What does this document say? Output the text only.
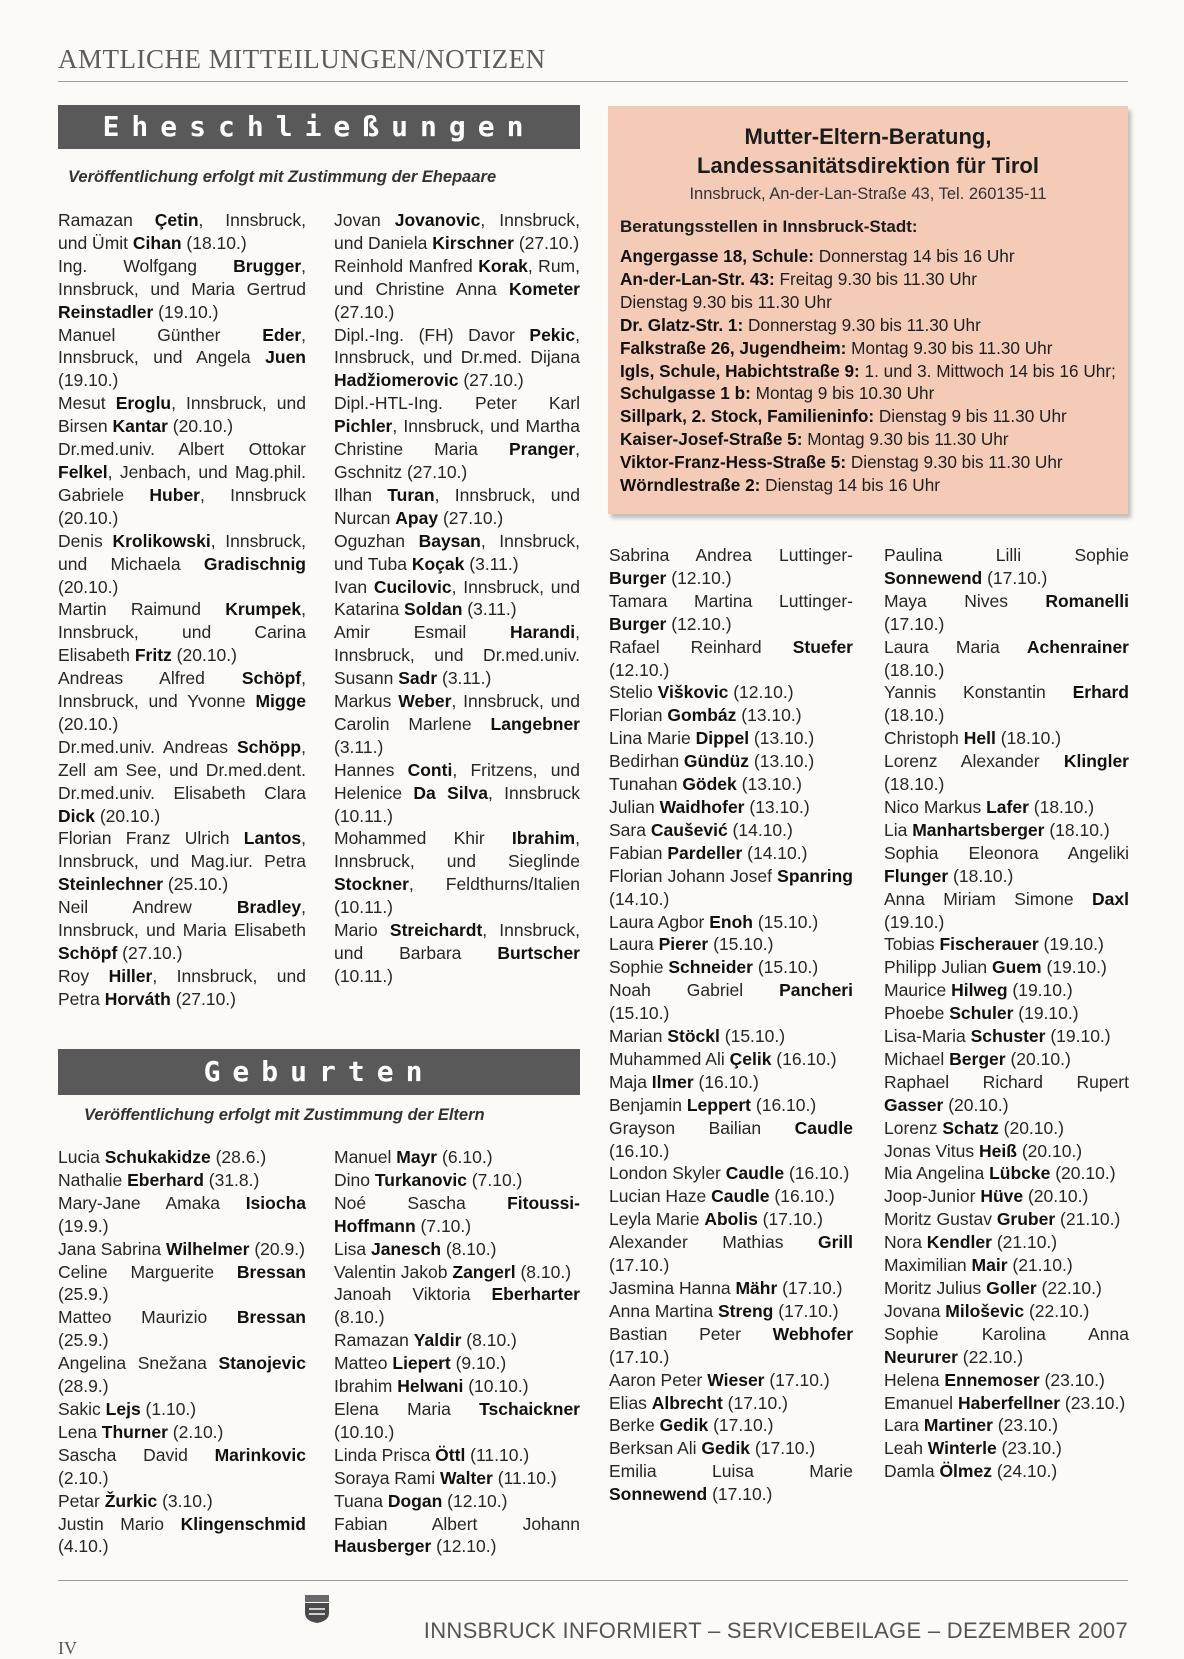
AMTLICHE MITTEILUNGEN/NOTIZEN
Eheschließungen
Veröffentlichung erfolgt mit Zustimmung der Ehepaare
Ramazan Çetin, Innsbruck, und Ümit Cihan (18.10.)
Ing. Wolfgang Brugger, Innsbruck, und Maria Gertrud Reinstadler (19.10.)
Manuel Günther Eder, Innsbruck, und Angela Juen (19.10.)
Mesut Eroglu, Innsbruck, und Birsen Kantar (20.10.)
Dr.med.univ. Albert Ottokar Felkel, Jenbach, und Mag.phil. Gabriele Huber, Innsbruck (20.10.)
Denis Krolikowski, Innsbruck, und Michaela Gradischnig (20.10.)
Martin Raimund Krumpek, Innsbruck, und Carina Elisabeth Fritz (20.10.)
Andreas Alfred Schöpf, Innsbruck, und Yvonne Migge (20.10.)
Dr.med.univ. Andreas Schöpp, Zell am See, und Dr.med.dent. Dr.med.univ. Elisabeth Clara Dick (20.10.)
Florian Franz Ulrich Lantos, Innsbruck, und Mag.iur. Petra Steinlechner (25.10.)
Neil Andrew Bradley, Innsbruck, und Maria Elisabeth Schöpf (27.10.)
Roy Hiller, Innsbruck, und Petra Horváth (27.10.)
Jovan Jovanovic, Innsbruck, und Daniela Kirschner (27.10.)
Reinhold Manfred Korak, Rum, und Christine Anna Kometer (27.10.)
Dipl.-Ing. (FH) Davor Pekic, Innsbruck, und Dr.med. Dijana Hadžiomerovic (27.10.)
Dipl.-HTL-Ing. Peter Karl Pichler, Innsbruck, und Martha Christine Maria Pranger, Gschnitz (27.10.)
Ilhan Turan, Innsbruck, und Nurcan Apay (27.10.)
Oguzhan Baysan, Innsbruck, und Tuba Koçak (3.11.)
Ivan Cucilovic, Innsbruck, und Katarina Soldan (3.11.)
Amir Esmail Harandi, Innsbruck, und Dr.med.univ. Susann Sadr (3.11.)
Markus Weber, Innsbruck, und Carolin Marlene Langebner (3.11.)
Hannes Conti, Fritzens, und Helenice Da Silva, Innsbruck (10.11.)
Mohammed Khir Ibrahim, Innsbruck, und Sieglinde Stockner, Feldthurns/Italien (10.11.)
Mario Streichardt, Innsbruck, und Barbara Burtscher (10.11.)
Mutter-Eltern-Beratung,
Landessanitätsdirektion für Tirol
Innsbruck, An-der-Lan-Straße 43, Tel. 260135-11
Beratungsstellen in Innsbruck-Stadt:
Angergasse 18, Schule: Donnerstag 14 bis 16 Uhr
An-der-Lan-Str. 43: Freitag 9.30 bis 11.30 Uhr
Dienstag 9.30 bis 11.30 Uhr
Dr. Glatz-Str. 1: Donnerstag 9.30 bis 11.30 Uhr
Falkstraße 26, Jugendheim: Montag 9.30 bis 11.30 Uhr
Igls, Schule, Habichtstraße 9: 1. und 3. Mittwoch 14 bis 16 Uhr; Schulgasse 1 b: Montag 9 bis 10.30 Uhr
Sillpark, 2. Stock, Familieninfo: Dienstag 9 bis 11.30 Uhr
Kaiser-Josef-Straße 5: Montag 9.30 bis 11.30 Uhr
Viktor-Franz-Hess-Straße 5: Dienstag 9.30 bis 11.30 Uhr
Wörndlestraße 2: Dienstag 14 bis 16 Uhr
Geburten
Veröffentlichung erfolgt mit Zustimmung der Eltern
Lucia Schukakidze (28.6.)
Nathalie Eberhard (31.8.)
Mary-Jane Amaka Isiocha (19.9.)
Jana Sabrina Wilhelmer (20.9.)
Celine Marguerite Bressan (25.9.)
Matteo Maurizio Bressan (25.9.)
Angelina Snežana Stanojevic (28.9.)
Sakic Lejs (1.10.)
Lena Thurner (2.10.)
Sascha David Marinkovic (2.10.)
Petar Žurkic (3.10.)
Justin Mario Klingenschmid (4.10.)
Manuel Mayr (6.10.)
Dino Turkanovic (7.10.)
Noé Sascha Fitoussi-Hoffmann (7.10.)
Lisa Janesch (8.10.)
Valentin Jakob Zangerl (8.10.)
Janoah Viktoria Eberharter (8.10.)
Ramazan Yaldir (8.10.)
Matteo Liepert (9.10.)
Ibrahim Helwani (10.10.)
Elena Maria Tschaickner (10.10.)
Linda Prisca Öttl (11.10.)
Soraya Rami Walter (11.10.)
Tuana Dogan (12.10.)
Fabian Albert Johann Hausberger (12.10.)
Sabrina Andrea Luttinger-Burger (12.10.)
Tamara Martina Luttinger-Burger (12.10.)
Rafael Reinhard Stuefer (12.10.)
Stelio Viškovic (12.10.)
Florian Gombáz (13.10.)
Lina Marie Dippel (13.10.)
Bedirhan Gündüz (13.10.)
Tunahan Gödek (13.10.)
Julian Waidhofer (13.10.)
Sara Caušević (14.10.)
Fabian Pardeller (14.10.)
Florian Johann Josef Spanring (14.10.)
Laura Agbor Enoh (15.10.)
Laura Pierer (15.10.)
Sophie Schneider (15.10.)
Noah Gabriel Pancheri (15.10.)
Marian Stöckl (15.10.)
Muhammed Ali Çelik (16.10.)
Maja Ilmer (16.10.)
Benjamin Leppert (16.10.)
Grayson Bailian Caudle (16.10.)
London Skyler Caudle (16.10.)
Lucian Haze Caudle (16.10.)
Leyla Marie Abolis (17.10.)
Alexander Mathias Grill (17.10.)
Jasmina Hanna Mähr (17.10.)
Anna Martina Streng (17.10.)
Bastian Peter Webhofer (17.10.)
Aaron Peter Wieser (17.10.)
Elias Albrecht (17.10.)
Berke Gedik (17.10.)
Berksan Ali Gedik (17.10.)
Emilia Luisa Marie Sonnewend (17.10.)
Paulina Lilli Sophie Sonnewend (17.10.)
Maya Nives Romanelli (17.10.)
Laura Maria Achenrainer (18.10.)
Yannis Konstantin Erhard (18.10.)
Christoph Hell (18.10.)
Lorenz Alexander Klingler (18.10.)
Nico Markus Lafer (18.10.)
Lia Manhartsberger (18.10.)
Sophia Eleonora Angeliki Flunger (18.10.)
Anna Miriam Simone Daxl (19.10.)
Tobias Fischerauer (19.10.)
Philipp Julian Guem (19.10.)
Maurice Hilweg (19.10.)
Phoebe Schuler (19.10.)
Lisa-Maria Schuster (19.10.)
Michael Berger (20.10.)
Raphael Richard Rupert Gasser (20.10.)
Lorenz Schatz (20.10.)
Jonas Vitus Heiß (20.10.)
Mia Angelina Lübcke (20.10.)
Joop-Junior Hüve (20.10.)
Moritz Gustav Gruber (21.10.)
Nora Kendler (21.10.)
Maximilian Mair (21.10.)
Moritz Julius Goller (22.10.)
Jovana Miloševic (22.10.)
Sophie Karolina Anna Neururer (22.10.)
Helena Ennemoser (23.10.)
Emanuel Haberfellner (23.10.)
Lara Martiner (23.10.)
Leah Winterle (23.10.)
Damla Ölmez (24.10.)
IV
INNSBRUCK INFORMIERT – SERVICEBEILAGE – DEZEMBER 2007
